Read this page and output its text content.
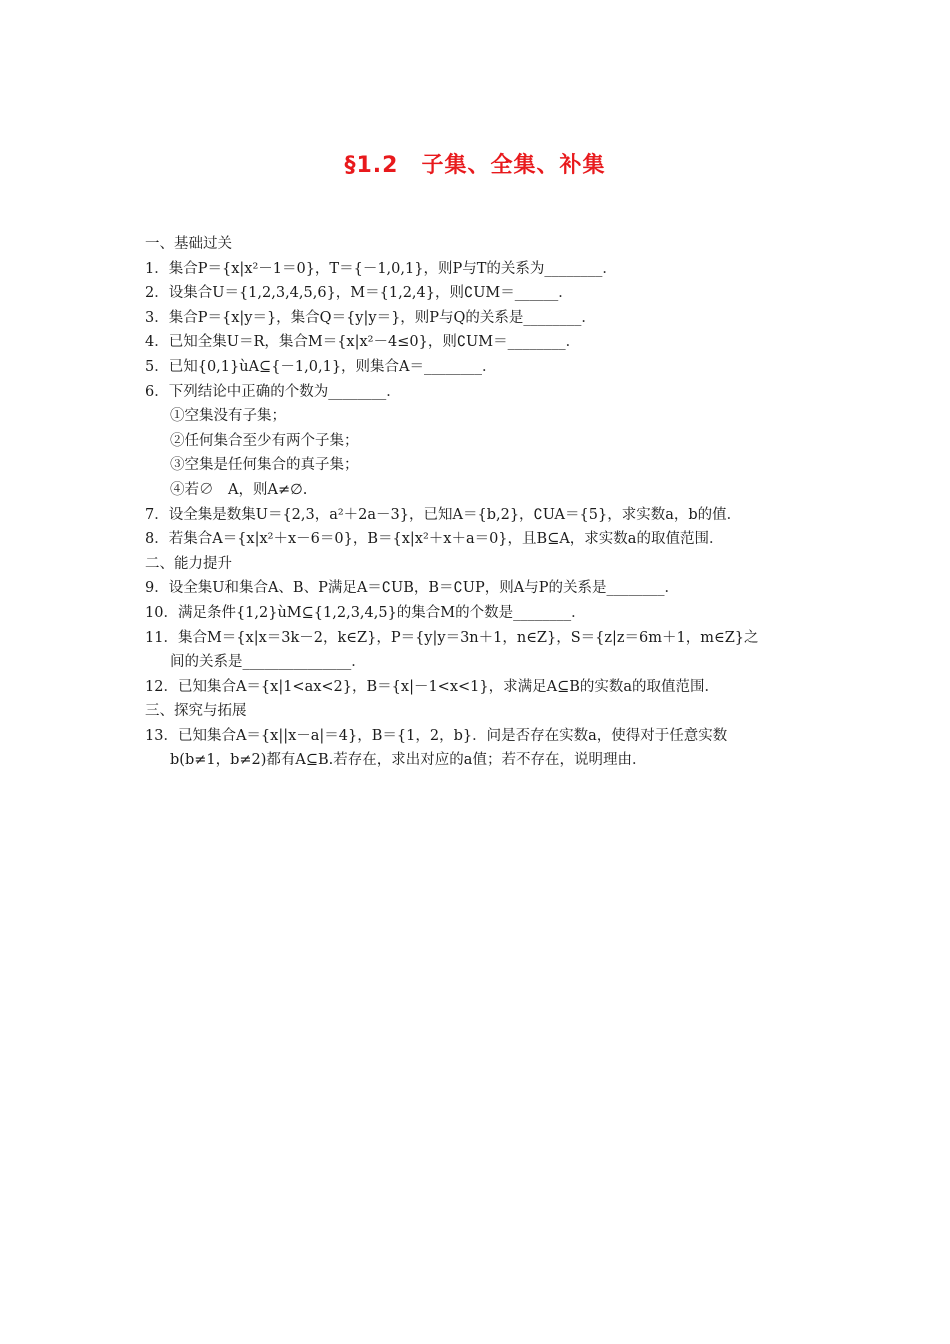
§1.2　子集、全集、补集
一、基础过关
1．集合P＝{x|x²－1＝0}，T＝{－1,0,1}，则P与T的关系为________．
2．设集合U＝{1,2,3,4,5,6}，M＝{1,2,4}，则∁UM＝______．
3．集合P＝{x|y＝}，集合Q＝{y|y＝}，则P与Q的关系是________．
4．已知全集U＝R，集合M＝{x|x²－4≤0}，则∁UM＝________．
5．已知{0,1}ùA⊆{－1,0,1}，则集合A＝________．
6．下列结论中正确的个数为________．
①空集没有子集；
②任何集合至少有两个子集；
③空集是任何集合的真子集；
④若∅　A，则A≠∅.
7．设全集是数集U＝{2,3，a²＋2a－3}，已知A＝{b,2}，∁UA＝{5}，求实数a，b的值．
8．若集合A＝{x|x²＋x－6＝0}，B＝{x|x²＋x＋a＝0}，且B⊆A，求实数a的取值范围．
二、能力提升
9．设全集U和集合A、B、P满足A＝∁UB，B＝∁UP，则A与P的关系是________．
10．满足条件{1,2}ùM⊆{1,2,3,4,5}的集合M的个数是________．
11．集合M＝{x|x＝3k－2，k∈Z}，P＝{y|y＝3n＋1，n∈Z}，S＝{z|z＝6m＋1，m∈Z}之
间的关系是_______________．
12．已知集合A＝{x|1<ax<2}，B＝{x|－1<x<1}，求满足A⊆B的实数a的取值范围．
三、探究与拓展
13．已知集合A＝{x||x－a|＝4}，B＝{1，2，b}．问是否存在实数a，使得对于任意实数
b(b≠1，b≠2)都有A⊆B.若存在，求出对应的a值；若不存在，说明理由．
